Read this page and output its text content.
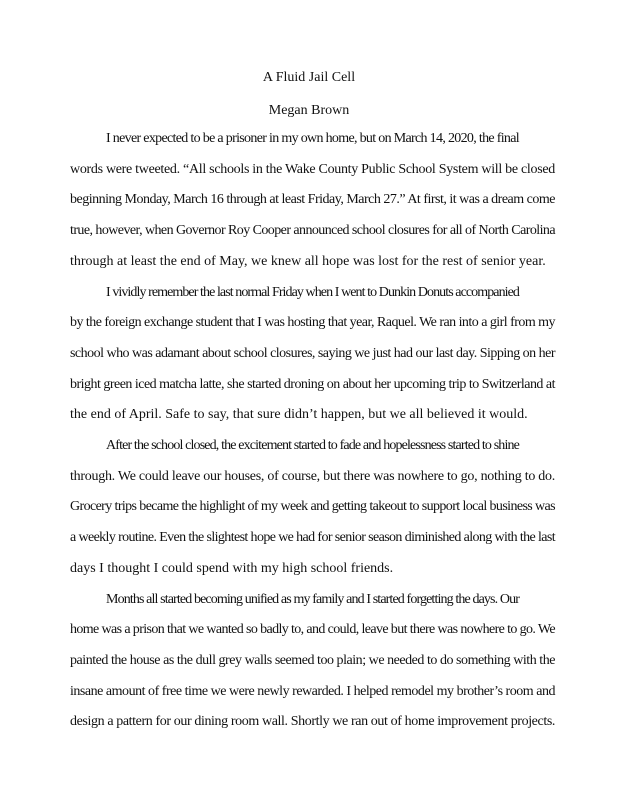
A Fluid Jail Cell
Megan Brown

I never expected to be a prisoner in my own home, but on March 14, 2020, the final
words were tweeted. “All schools in the Wake County Public School System will be closed
beginning Monday, March 16 through at least Friday, March 27.” At first, it was a dream come
true, however, when Governor Roy Cooper announced school closures for all of North Carolina
through at least the end of May, we knew all hope was lost for the rest of senior year.

I vividly remember the last normal Friday when I went to Dunkin Donuts accompanied
by the foreign exchange student that I was hosting that year, Raquel. We ran into a girl from my
school who was adamant about school closures, saying we just had our last day. Sipping on her
bright green iced matcha latte, she started droning on about her upcoming trip to Switzerland at
the end of April. Safe to say, that sure didn’t happen, but we all believed it would.

After the school closed, the excitement started to fade and hopelessness started to shine
through. We could leave our houses, of course, but there was nowhere to go, nothing to do.
Grocery trips became the highlight of my week and getting takeout to support local business was
a weekly routine. Even the slightest hope we had for senior season diminished along with the last
days I thought I could spend with my high school friends.

Months all started becoming unified as my family and I started forgetting the days. Our
home was a prison that we wanted so badly to, and could, leave but there was nowhere to go. We
painted the house as the dull grey walls seemed too plain; we needed to do something with the
insane amount of free time we were newly rewarded. I helped remodel my brother’s room and
design a pattern for our dining room wall. Shortly we ran out of home improvement projects.
